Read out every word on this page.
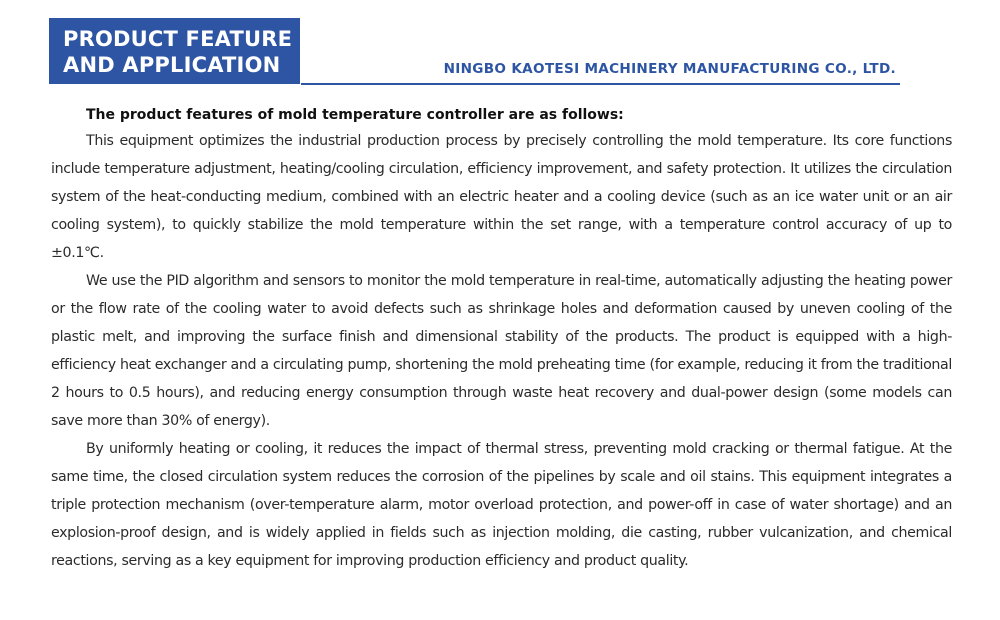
PRODUCT FEATURE
AND APPLICATION	NINGBO KAOTESI MACHINERY MANUFACTURING CO., LTD.

The product features of mold temperature controller are as follows:

This equipment optimizes the industrial production process by precisely controlling the mold temperature. Its core functions include temperature adjustment, heating/cooling circulation, efficiency improvement, and safety protection. It utilizes the circulation system of the heat-conducting medium, combined with an electric heater and a cooling device (such as an ice water unit or an air cooling system), to quickly stabilize the mold temperature within the set range, with a temperature control accuracy of up to ±0.1℃.

We use the PID algorithm and sensors to monitor the mold temperature in real-time, automatically adjusting the heating power or the flow rate of the cooling water to avoid defects such as shrinkage holes and deformation caused by uneven cooling of the plastic melt, and improving the surface finish and dimensional stability of the products. The product is equipped with a high-efficiency heat exchanger and a circulating pump, shortening the mold preheating time (for example, reducing it from the traditional 2 hours to 0.5 hours), and reducing energy consumption through waste heat recovery and dual-power design (some models can save more than 30% of energy).

By uniformly heating or cooling, it reduces the impact of thermal stress, preventing mold cracking or thermal fatigue. At the same time, the closed circulation system reduces the corrosion of the pipelines by scale and oil stains. This equipment integrates a triple protection mechanism (over-temperature alarm, motor overload protection, and power-off in case of water shortage) and an explosion-proof design, and is widely applied in fields such as injection molding, die casting, rubber vulcanization, and chemical reactions, serving as a key equipment for improving production efficiency and product quality.
